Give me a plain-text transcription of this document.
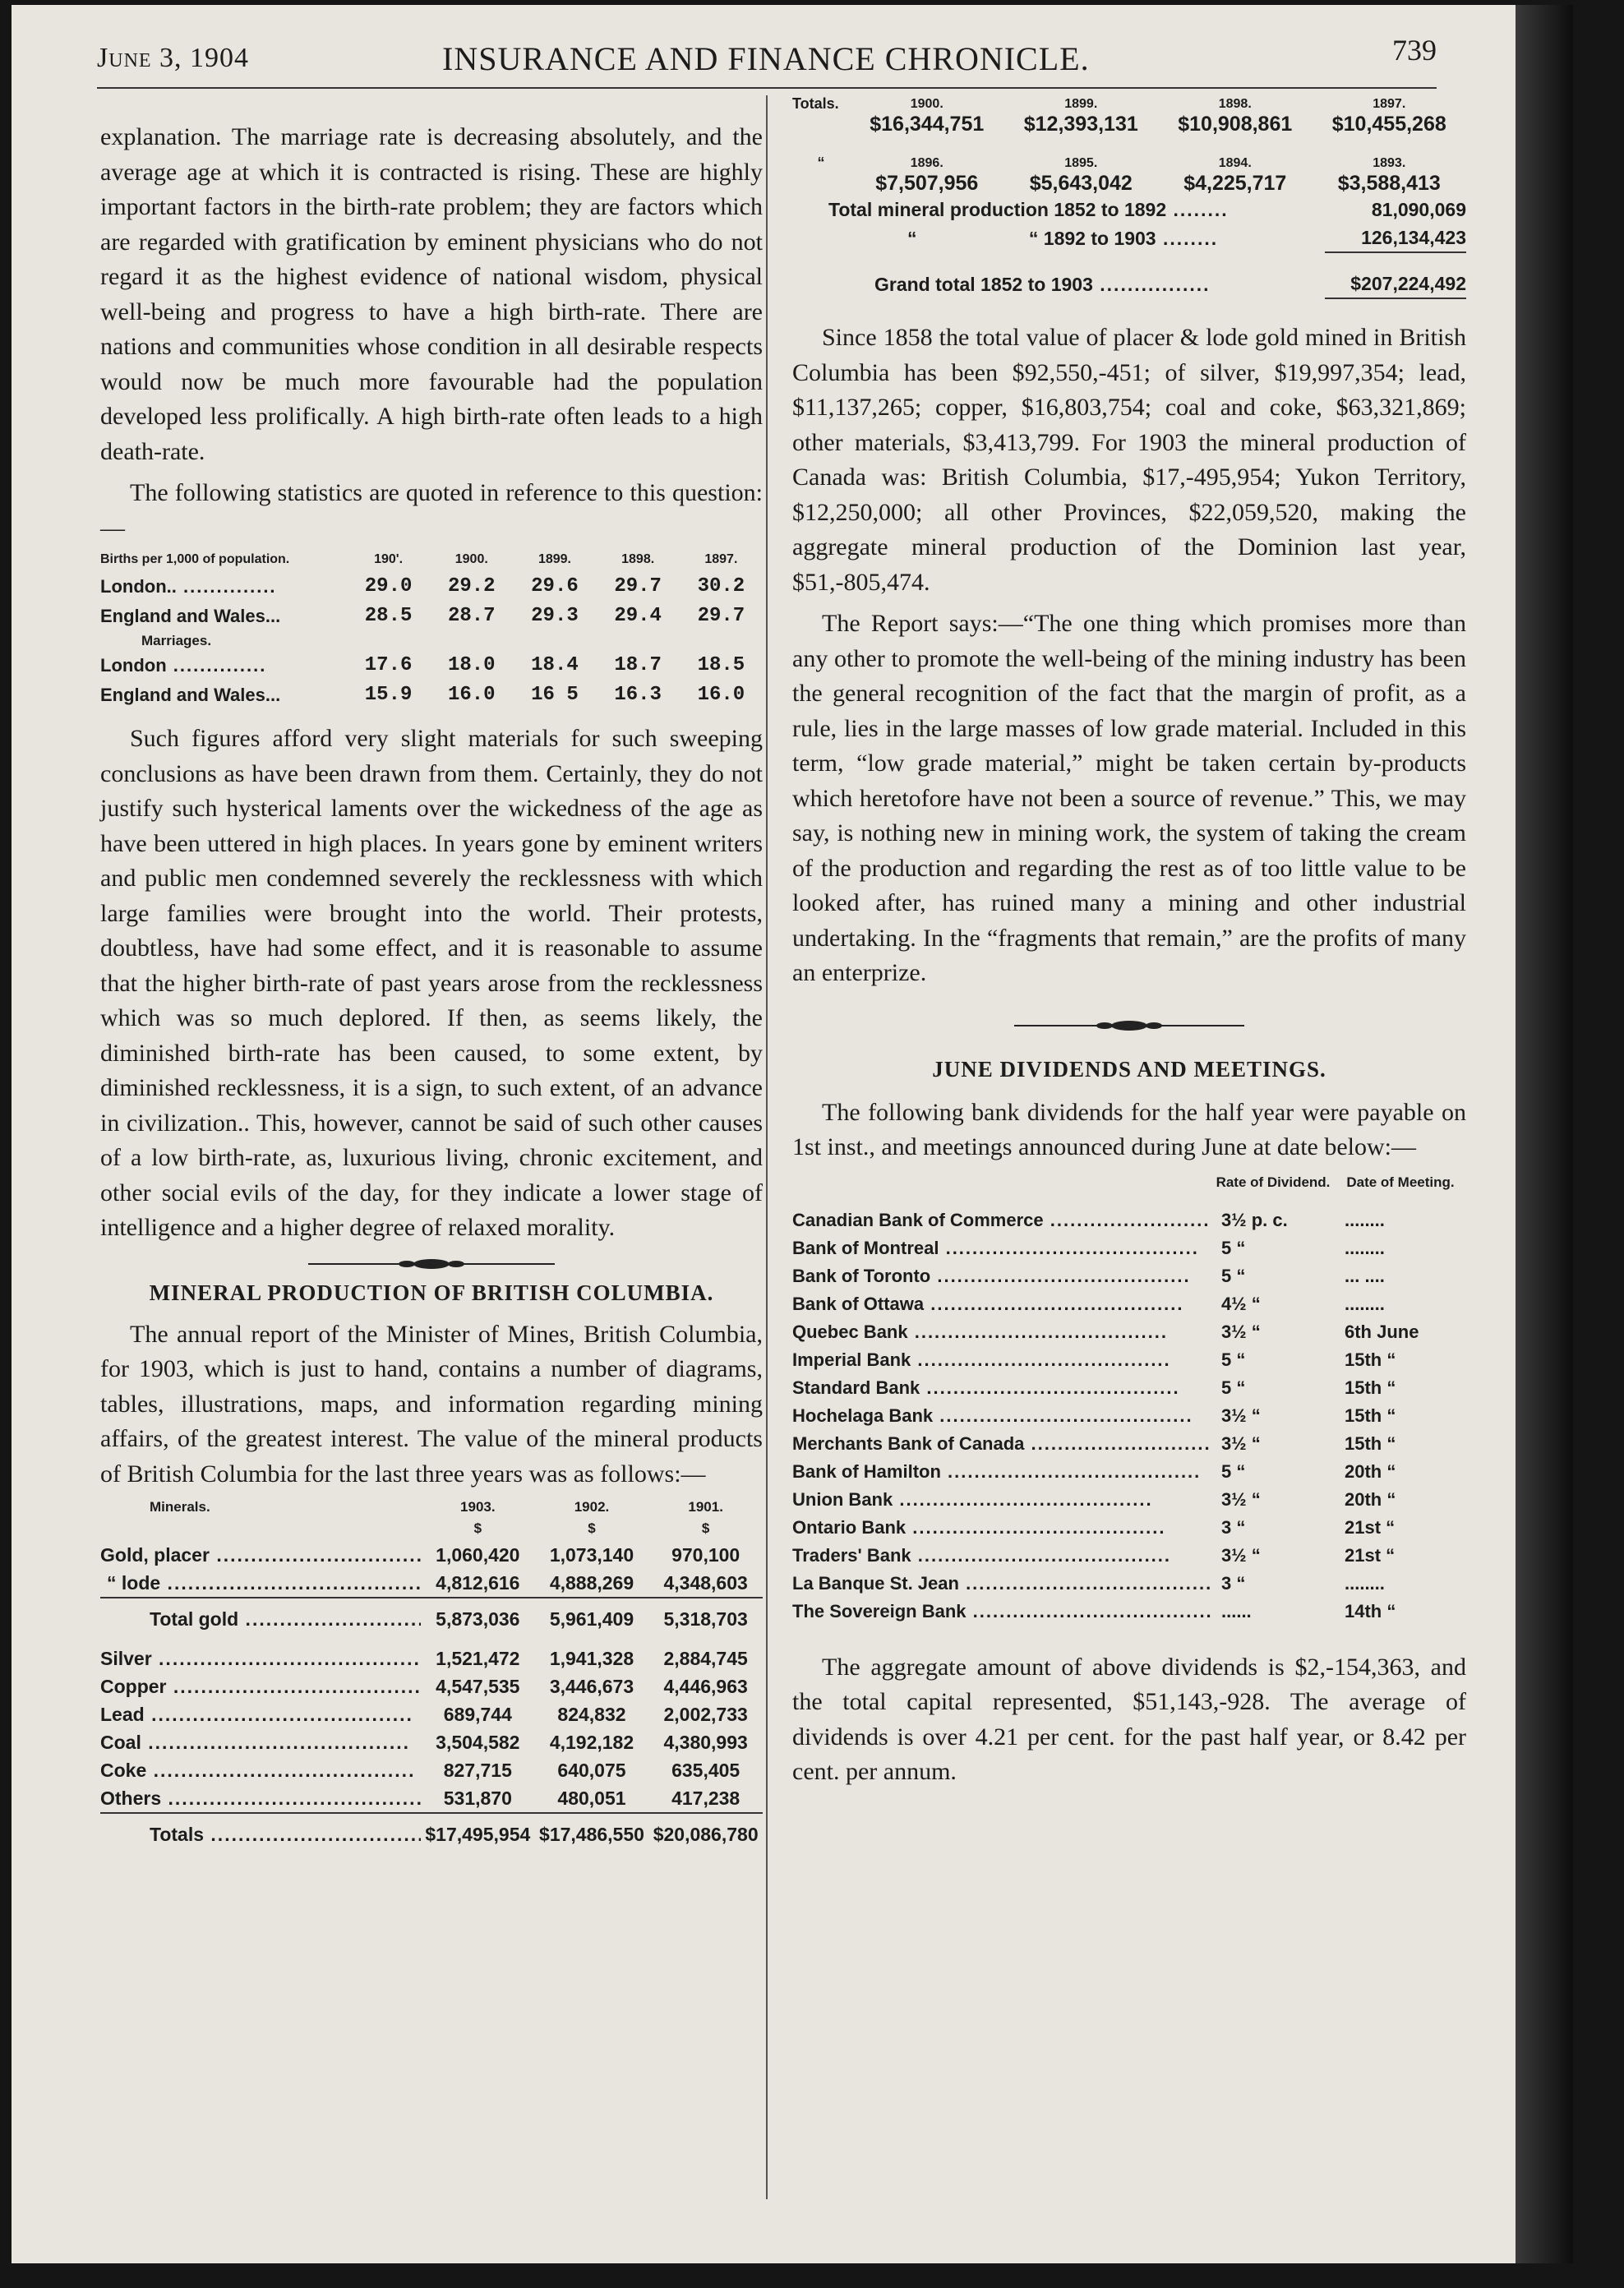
June 3, 1904	INSURANCE AND FINANCE CHRONICLE.	739

explanation. The marriage rate is decreasing absolutely, and the average age at which it is contracted is rising. These are highly important factors in the birth-rate problem; they are factors which are regarded with gratification by eminent physicians who do not regard it as the highest evidence of national wisdom, physical well-being and progress to have a high birth-rate. There are nations and communities whose condition in all desirable respects would now be much more favourable had the population developed less prolifically. A high birth-rate often leads to a high death-rate.

The following statistics are quoted in reference to this question:—

Births per 1,000 of population.	190'.	1900.	1899.	1898.	1897.
London.. ..............	29.0	29.2	29.6	29.7	30.2
England and Wales...	28.5	28.7	29.3	29.4	29.7
Marriages.					
London ..............	17.6	18.0	18.4	18.7	18.5
England and Wales...	15.9	16.0	16 5	16.3	16.0

Such figures afford very slight materials for such sweeping conclusions as have been drawn from them. Certainly, they do not justify such hysterical laments over the wickedness of the age as have been uttered in high places. In years gone by eminent writers and public men condemned severely the recklessness with which large families were brought into the world. Their protests, doubtless, have had some effect, and it is reasonable to assume that the higher birth-rate of past years arose from the recklessness which was so much deplored. If then, as seems likely, the diminished birth-rate has been caused, to some extent, by diminished recklessness, it is a sign, to such extent, of an advance in civilization.. This, however, cannot be said of such other causes of a low birth-rate, as, luxurious living, chronic excitement, and other social evils of the day, for they indicate a lower stage of intelligence and a higher degree of relaxed morality.

MINERAL PRODUCTION OF BRITISH COLUMBIA.

The annual report of the Minister of Mines, British Columbia, for 1903, which is just to hand, contains a number of diagrams, tables, illustrations, maps, and information regarding mining affairs, of the greatest interest. The value of the mineral products of British Columbia for the last three years was as follows:—

Minerals.	1903.	1902.	1901.
	$	$	$
Gold, placer .....	1,060,420	1,073,140	970,100
“ lode .....	4,812,616	4,888,269	4,348,603
Total gold .....	5,873,036	5,961,409	5,318,703

Silver .....	1,521,472	1,941,328	2,884,745
Copper .....	4,547,535	3,446,673	4,446,963
Lead .....	689,744	824,832	2,002,733
Coal .....	3,504,582	4,192,182	4,380,993
Coke .....	827,715	640,075	635,405
Others .....	531,870	480,051	417,238
Totals .....	$17,495,954	$17,486,550	$20,086,780
Totals.	1900.	1899.	1898.	1897.
	$16,344,751	$12,393,131	$10,908,861	$10,455,268

“	1896.	1895.	1894.	1893.
	$7,507,956	$5,643,042	$4,225,717	$3,588,413
Total mineral production 1852 to 1892 ........	81,090,069
“ “ 1892 to 1903 ........	126,134,423

Grand total 1852 to 1903 ................	$207,224,492

Since 1858 the total value of placer & lode gold mined in British Columbia has been $92,550,-451; of silver, $19,997,354; lead, $11,137,265; copper, $16,803,754; coal and coke, $63,321,869; other materials, $3,413,799. For 1903 the mineral production of Canada was: British Columbia, $17,-495,954; Yukon Territory, $12,250,000; all other Provinces, $22,059,520, making the aggregate mineral production of the Dominion last year, $51,-805,474.

The Report says:—“The one thing which promises more than any other to promote the well-being of the mining industry has been the general recognition of the fact that the margin of profit, as a rule, lies in the large masses of low grade material. Included in this term, “low grade material,” might be taken certain by-products which heretofore have not been a source of revenue.” This, we may say, is nothing new in mining work, the system of taking the cream of the production and regarding the rest as of too little value to be looked after, has ruined many a mining and other industrial undertaking. In the “fragments that remain,” are the profits of many an enterprize.

JUNE DIVIDENDS AND MEETINGS.

The following bank dividends for the half year were payable on 1st inst., and meetings announced during June at date below:—

	Rate of Dividend.	Date of Meeting.
Canadian Bank of Commerce .....	3½ p. c.	........
Bank of Montreal .....	5 “	........
Bank of Toronto .....	5 “	... ....
Bank of Ottawa .....	4½ “	........
Quebec Bank .....	3½ “	6th June
Imperial Bank .....	5 “	15th “
Standard Bank .....	5 “	15th “
Hochelaga Bank .....	3½ “	15th “
Merchants Bank of Canada .....	3½ “	15th “
Bank of Hamilton .....	5 “	20th “
Union Bank .....	3½ “	20th “
Ontario Bank .....	3 “	21st “
Traders' Bank .....	3½ “	21st “
La Banque St. Jean .....	3 “	........
The Sovereign Bank .....	......	14th “

The aggregate amount of above dividends is $2,-154,363, and the total capital represented, $51,143,-928. The average of dividends is over 4.21 per cent. for the past half year, or 8.42 per cent. per annum.
